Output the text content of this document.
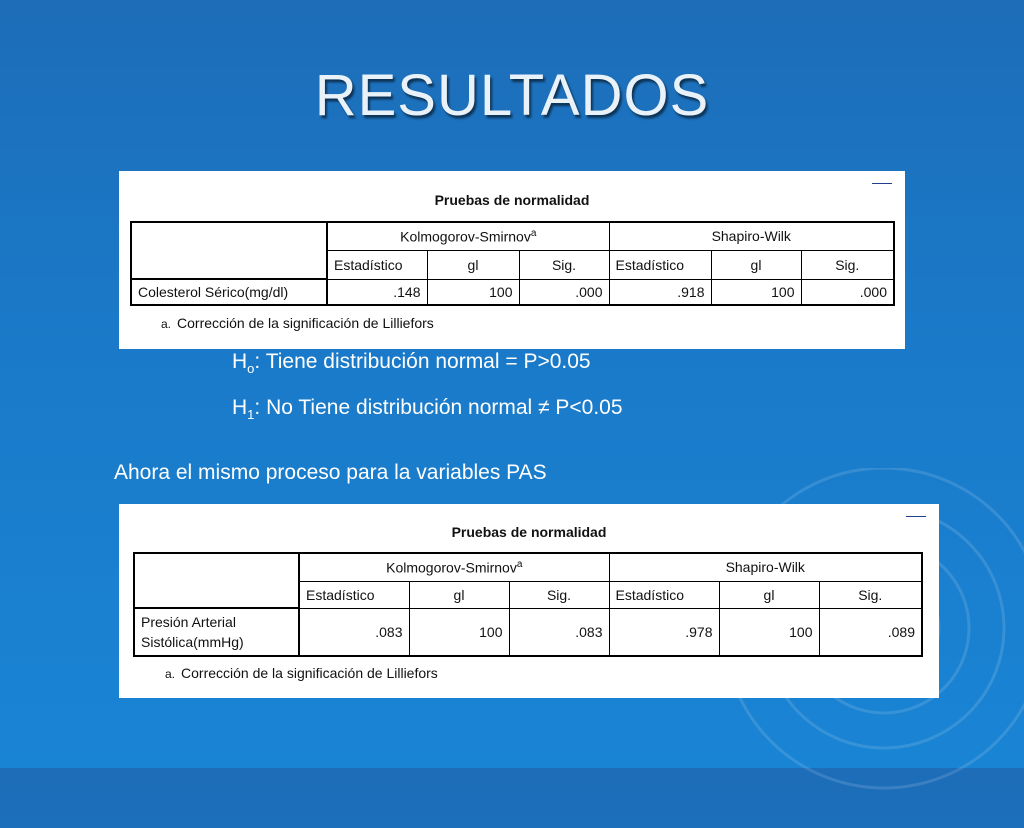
RESULTADOS
Pruebas de normalidad
	Kolmogorov-Smirnov$^a$			Shapiro-Wilk		
	Estadístico	gl	Sig.	Estadístico	gl	Sig.
Colesterol Sérico(mg/dl)	.148	100	.000	.918	100	.000
a. Corrección de la significación de Lilliefors
$H_o$: Tiene distribución normal = P>0.05
$H_1$: No Tiene distribución normal ≠ P<0.05
Ahora el mismo proceso para la variables PAS
Pruebas de normalidad
	Kolmogorov-Smirnov$^a$			Shapiro-Wilk		
	Estadístico	gl	Sig.	Estadístico	gl	Sig.
Presión Arterial
Sistólica(mmHg)	.083	100	.083	.978	100	.089
a. Corrección de la significación de Lilliefors
